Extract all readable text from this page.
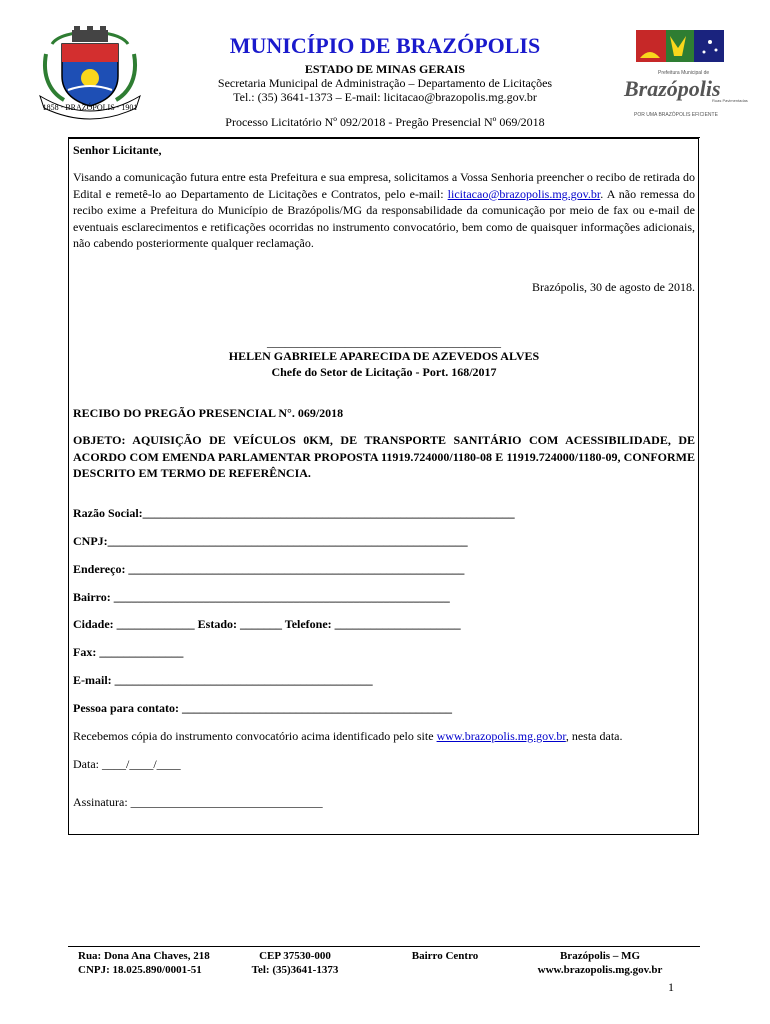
1858 · BRAZÓPOLIS · 1901
Prefeitura Municipal de
Brazópolis
Ruas Pavimentadas
POR UMA BRAZÓPOLIS EFICIENTE
MUNICÍPIO DE BRAZÓPOLIS
ESTADO DE MINAS GERAIS
Secretaria Municipal de Administração – Departamento de Licitações
Tel.: (35) 3641-1373 – E-mail: licitacao@brazopolis.mg.gov.br
Processo Licitatório Nº 092/2018 - Pregão Presencial Nº 069/2018
Senhor Licitante,
Visando a comunicação futura entre esta Prefeitura e sua empresa, solicitamos a Vossa Senhoria preencher o recibo de retirada do Edital e remetê-lo ao Departamento de Licitações e Contratos, pelo e-mail: licitacao@brazopolis.mg.gov.br. A não remessa do recibo exime a Prefeitura do Município de Brazópolis/MG da responsabilidade da comunicação por meio de fax ou e-mail de eventuais esclarecimentos e retificações ocorridas no instrumento convocatório, bem como de quaisquer informações adicionais, não cabendo posteriormente qualquer reclamação.
Brazópolis, 30 de agosto de 2018.
_______________________________________
HELEN GABRIELE APARECIDA DE AZEVEDOS ALVES
Chefe do Setor de Licitação - Port. 168/2017
RECIBO DO PREGÃO PRESENCIAL N°. 069/2018
OBJETO: AQUISIÇÃO DE VEÍCULOS 0KM, DE TRANSPORTE SANITÁRIO COM ACESSIBILIDADE, DE ACORDO COM EMENDA PARLAMENTAR PROPOSTA 11919.724000/1180-08 E 11919.724000/1180-09, CONFORME DESCRITO EM TERMO DE REFERÊNCIA.
Razão Social:______________________________________________________________
CNPJ:____________________________________________________________
Endereço: ________________________________________________________
Bairro: ________________________________________________________
Cidade: _____________ Estado: _______ Telefone: _____________________
Fax: ______________
E-mail: ___________________________________________
Pessoa para contato: _____________________________________________
Recebemos cópia do instrumento convocatório acima identificado pelo site www.brazopolis.mg.gov.br, nesta data.
Data: ____/____/____
Assinatura: ________________________________
Rua: Dona Ana Chaves, 218
CNPJ: 18.025.890/0001-51
CEP 37530-000
Tel: (35)3641-1373
Bairro Centro	Brazópolis – MG
www.brazopolis.mg.gov.br
1
